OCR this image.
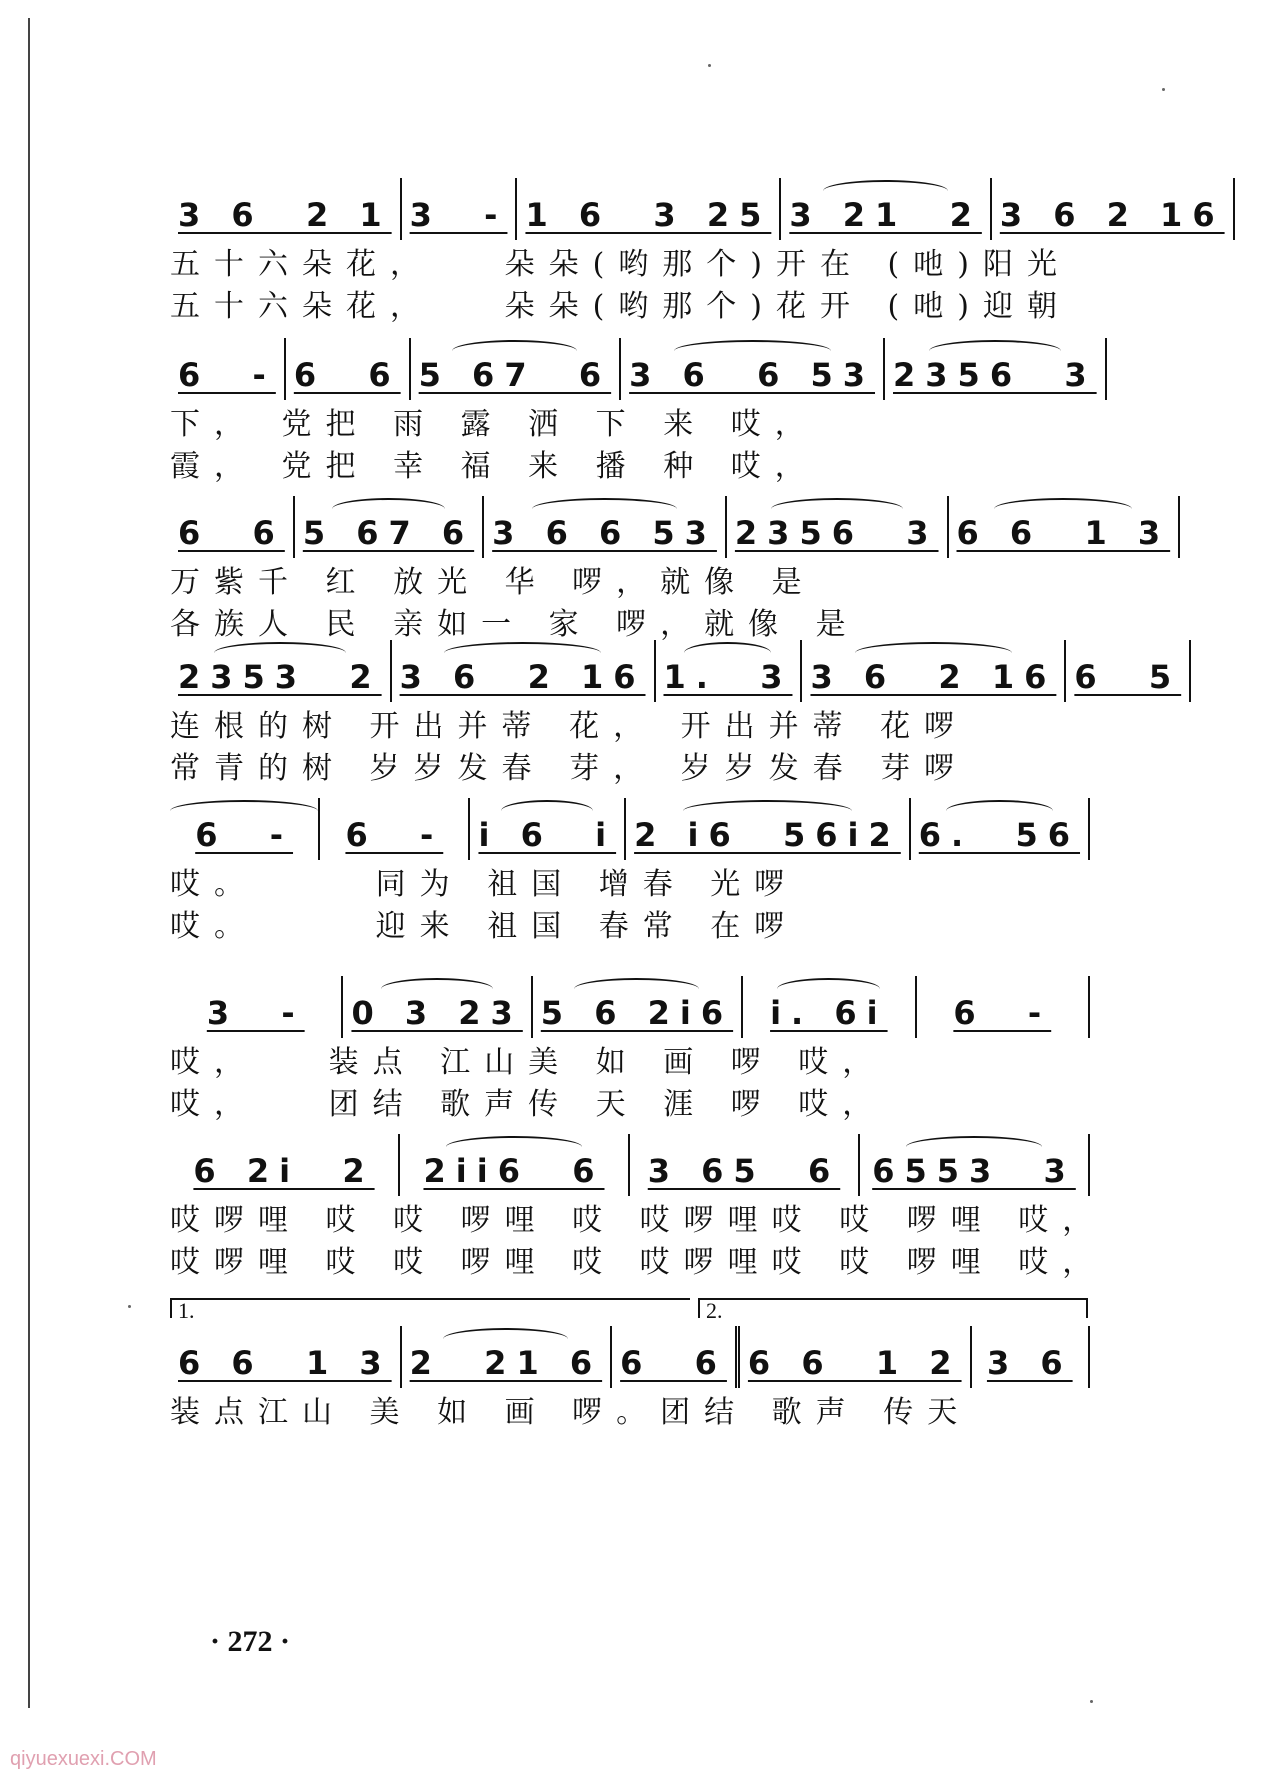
3 6  2 1 3  - 1 6  3 25 3 21  2 3 6 2 16
五十六朵花，   朵朵(哟那个)开在 (吔)阳光
五十六朵花，   朵朵(哟那个)花开 (吔)迎朝
6  - 6  6 5 67  6 3 6  6 53 2356  3
下， 党把 雨 露 洒 下 来 哎，
霞， 党把 幸 福 来 播 种 哎，
6  6 5 67 6 3 6 6 53 2356  3 6 6  1 3
万紫千 红 放光 华 啰，就像 是
各族人 民 亲如一 家 啰，就像 是
2353  2 3 6  2 16 1.  3 3 6  2 16 6  5
连根的树 开出并蒂 花， 开出并蒂 花啰
常青的树 岁岁发春 芽， 岁岁发春 芽啰
6  - 6  - i 6  i 2 i6  56i2 6.  56
哎。     同为 祖国 增春 光啰
哎。     迎来 祖国 春常 在啰
3  - 0 3 23 5 6 2i6 i. 6i 6  -
哎，   装点 江山美 如 画 啰 哎，
哎，   团结 歌声传 天 涯 啰 哎，
6 2i  2 2ii6  6 3 65  6 6553  3
哎啰哩 哎 哎 啰哩 哎 哎啰哩哎 哎 啰哩 哎，
哎啰哩 哎 哎 啰哩 哎 哎啰哩哎 哎 啰哩 哎，
1.	2.
6 6  1 3 2  21 6 6  6 6 6  1 2 3 6
装点江山 美 如 画 啰。团结 歌声 传天
· 272 ·
qiyuexuexi.COM
